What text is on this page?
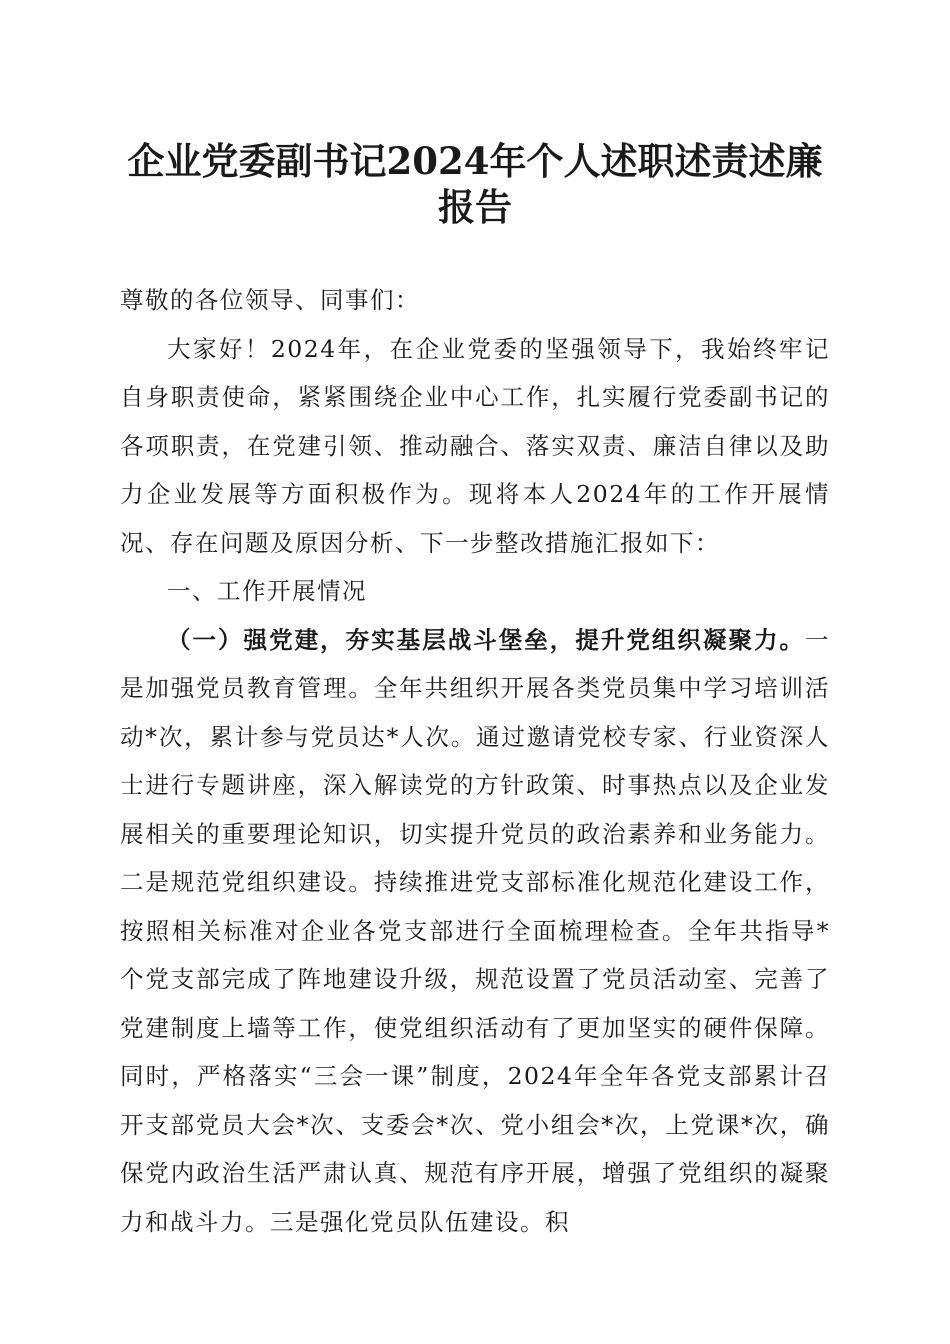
企业党委副书记2024年个人述职述责述廉报告

尊敬的各位领导、同事们：

大家好！2024年，在企业党委的坚强领导下，我始终牢记自身职责使命，紧紧围绕企业中心工作，扎实履行党委副书记的各项职责，在党建引领、推动融合、落实双责、廉洁自律以及助力企业发展等方面积极作为。现将本人2024年的工作开展情况、存在问题及原因分析、下一步整改措施汇报如下：

一、工作开展情况

（一）强党建，夯实基层战斗堡垒，提升党组织凝聚力。一是加强党员教育管理。全年共组织开展各类党员集中学习培训活动*次，累计参与党员达*人次。通过邀请党校专家、行业资深人士进行专题讲座，深入解读党的方针政策、时事热点以及企业发展相关的重要理论知识，切实提升党员的政治素养和业务能力。二是规范党组织建设。持续推进党支部标准化规范化建设工作，按照相关标准对企业各党支部进行全面梳理检查。全年共指导*个党支部完成了阵地建设升级，规范设置了党员活动室、完善了党建制度上墙等工作，使党组织活动有了更加坚实的硬件保障。同时，严格落实“三会一课”制度，2024年全年各党支部累计召开支部党员大会*次、支委会*次、党小组会*次，上党课*次，确保党内政治生活严肃认真、规范有序开展，增强了党组织的凝聚力和战斗力。三是强化党员队伍建设。积
